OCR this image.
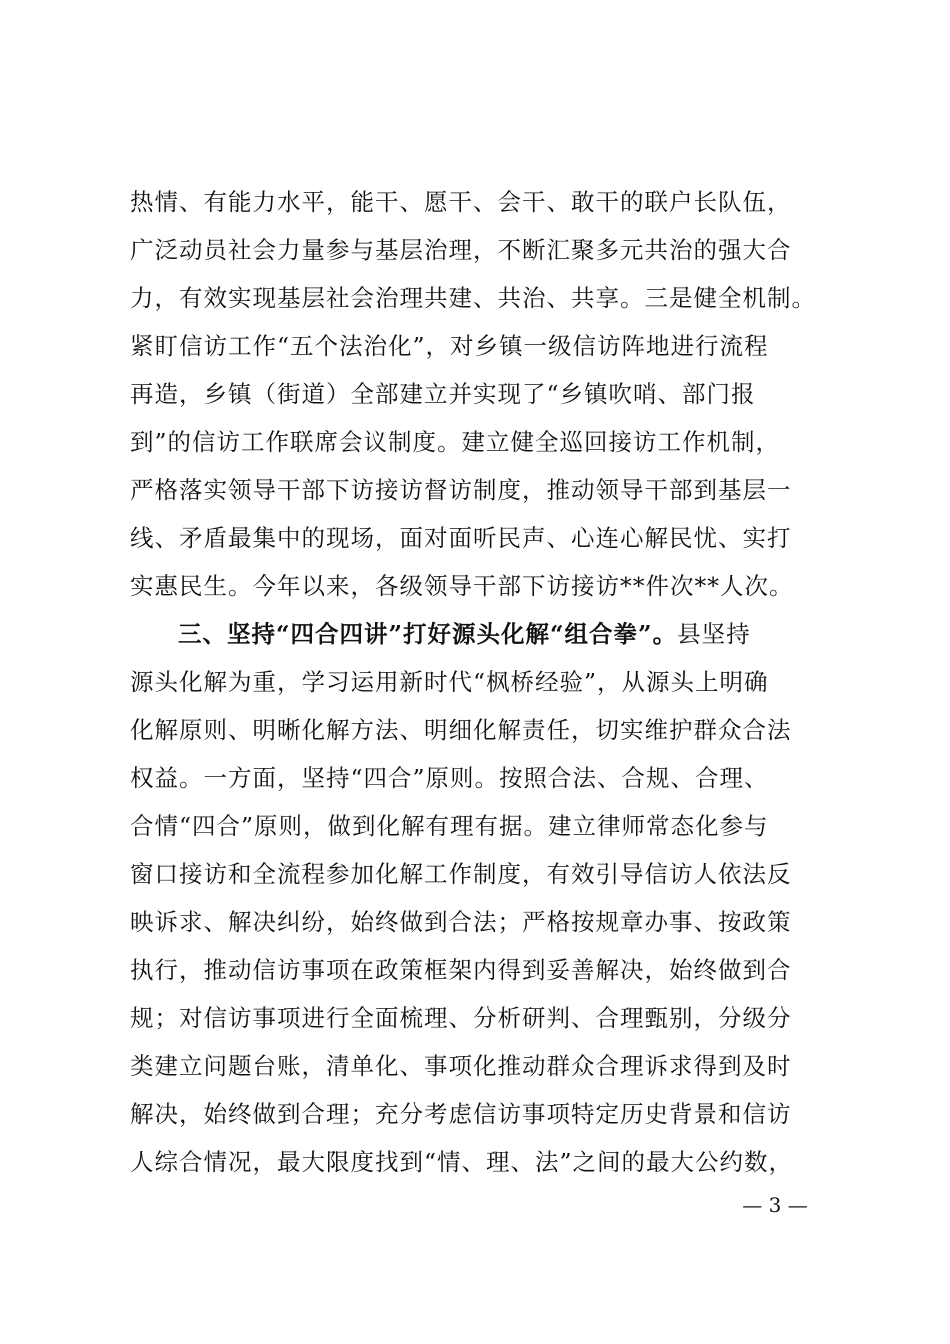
热情、有能力水平，能干、愿干、会干、敢干的联户长队伍，
广泛动员社会力量参与基层治理，不断汇聚多元共治的强大合
力，有效实现基层社会治理共建、共治、共享。三是健全机制。
紧盯信访工作“五个法治化”，对乡镇一级信访阵地进行流程
再造，乡镇（街道）全部建立并实现了“乡镇吹哨、部门报
到”的信访工作联席会议制度。建立健全巡回接访工作机制，
严格落实领导干部下访接访督访制度，推动领导干部到基层一
线、矛盾最集中的现场，面对面听民声、心连心解民忧、实打
实惠民生。今年以来，各级领导干部下访接访**件次**人次。
三、坚持“四合四讲”打好源头化解“组合拳”。县坚持
源头化解为重，学习运用新时代“枫桥经验”，从源头上明确
化解原则、明晰化解方法、明细化解责任，切实维护群众合法
权益。一方面，坚持“四合”原则。按照合法、合规、合理、
合情“四合”原则，做到化解有理有据。建立律师常态化参与
窗口接访和全流程参加化解工作制度，有效引导信访人依法反
映诉求、解决纠纷，始终做到合法；严格按规章办事、按政策
执行，推动信访事项在政策框架内得到妥善解决，始终做到合
规；对信访事项进行全面梳理、分析研判、合理甄别，分级分
类建立问题台账，清单化、事项化推动群众合理诉求得到及时
解决，始终做到合理；充分考虑信访事项特定历史背景和信访
人综合情况，最大限度找到“情、理、法”之间的最大公约数，
— 3 —
